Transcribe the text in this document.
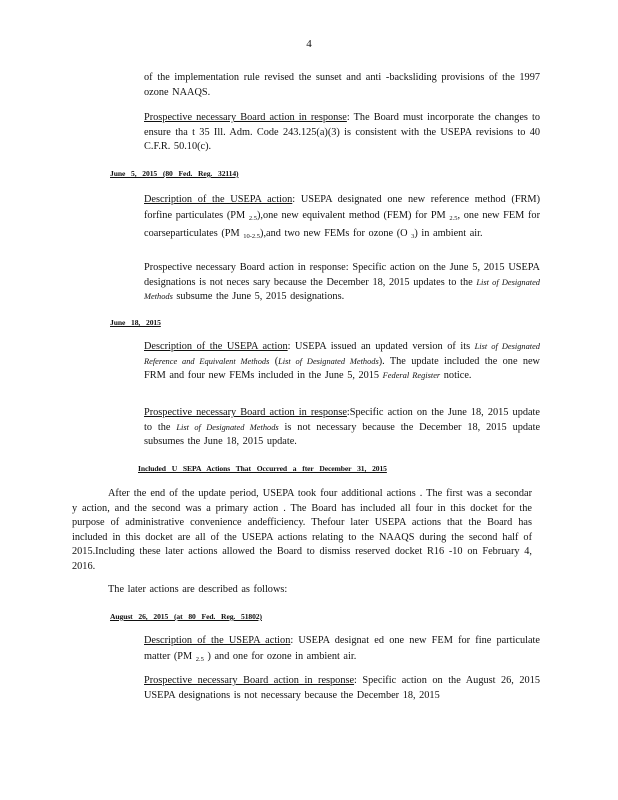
4
of the implementation rule revised the sunset and anti -backsliding provisions of the 1997 ozone NAAQS.
Prospective necessary Board action in response: The Board must incorporate the changes to ensure tha t 35 Ill. Adm. Code 243.125(a)(3) is consistent with the USEPA revisions to 40 C.F.R. 50.10(c).
June 5, 2015 (80 Fed. Reg. 32114)
Description of the USEPA action: USEPA designated one new reference method (FRM) forfine particulates (PM $_{2.5}$),one new equivalent method (FEM) for PM $_{2.5}$, one new FEM for coarseparticulates (PM $_{10-2.5}$),and two new FEMs for ozone (O $_3$) in ambient air.
Prospective necessary Board action in response: Specific action on the June 5, 2015 USEPA designations is not neces sary because the December 18, 2015 updates to the List of Designated Methods subsume the June 5, 2015 designations.
June 18, 2015
Description of the USEPA action: USEPA issued an updated version of its List of Designated Reference and Equivalent Methods (List of Designated Methods). The update included the one new FRM and four new FEMs included in the June 5, 2015 Federal Register notice.
Prospective necessary Board action in response:Specific action on the June 18, 2015 update to the List of Designated Methods is not necessary because the December 18, 2015 update subsumes the June 18, 2015 update.
Included U SEPA Actions That Occurred a fter December 31, 2015
After the end of the update period, USEPA took four additional actions . The first was a secondar y action, and the second was a primary action . The Board has included all four in this docket for the purpose of administrative convenience andefficiency. Thefour later USEPA actions that the Board has included in this docket are all of the USEPA actions relating to the NAAQS during the second half of 2015.Including these later actions allowed the Board to dismiss reserved docket R16 -10 on February 4, 2016.
The later actions are described as follows:
August 26, 2015 (at 80 Fed. Reg. 51802)
Description of the USEPA action: USEPA designat ed one new FEM for fine particulate matter (PM $_{2.5}$ ) and one for ozone in ambient air.
Prospective necessary Board action in response: Specific action on the August 26, 2015 USEPA designations is not necessary because the December 18, 2015
